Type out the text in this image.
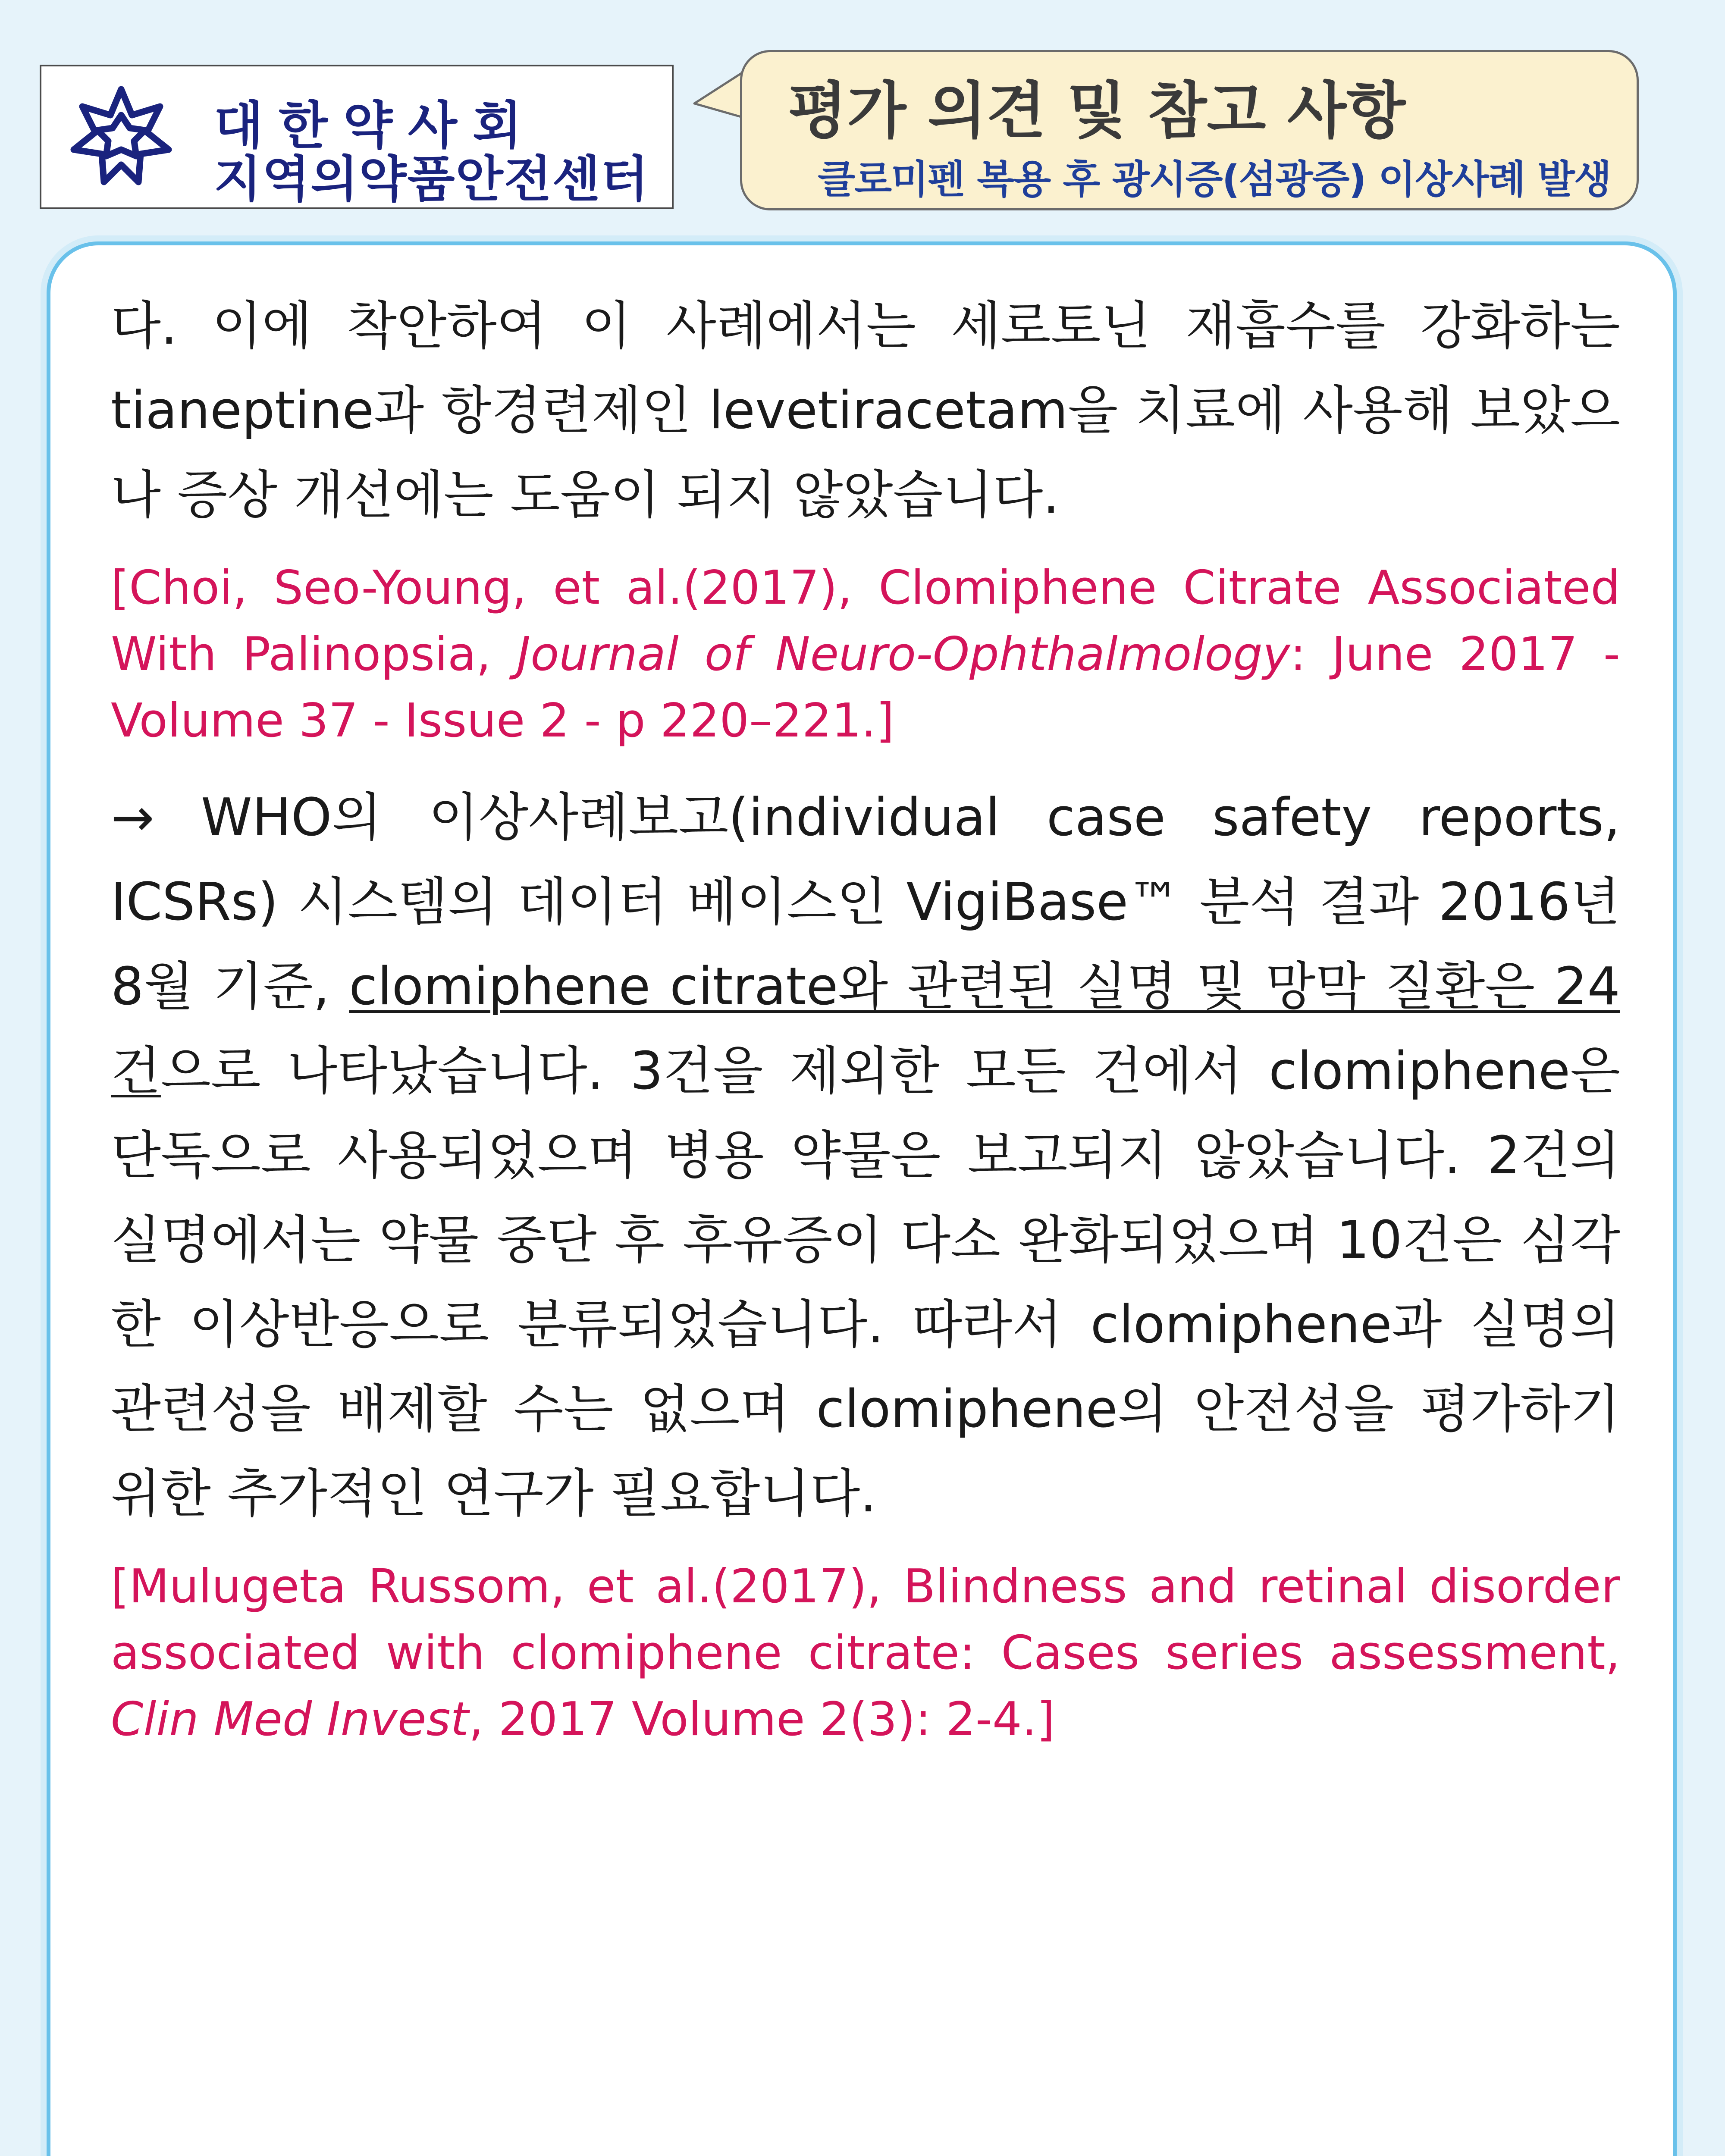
대한약사회
지역의약품안전센터
평가 의견 및 참고 사항
클로미펜 복용 후 광시증(섬광증) 이상사례 발생

다. 이에 착안하여 이 사례에서는 세로토닌 재흡수를 강화하는 tianeptine과 항경련제인 levetiracetam을 치료에 사용해 보았으나 증상 개선에는 도움이 되지 않았습니다.

[Choi, Seo-Young, et al.(2017), Clomiphene Citrate Associated With Palinopsia, Journal of Neuro-Ophthalmology: June 2017 - Volume 37 - Issue 2 - p 220–221.]

→ WHO의 이상사례보고(individual case safety reports, ICSRs) 시스템의 데이터 베이스인 VigiBase™ 분석 결과 2016년 8월 기준, clomiphene citrate와 관련된 실명 및 망막 질환은 24건으로 나타났습니다. 3건을 제외한 모든 건에서 clomiphene은 단독으로 사용되었으며 병용 약물은 보고되지 않았습니다. 2건의 실명에서는 약물 중단 후 후유증이 다소 완화되었으며 10건은 심각한 이상반응으로 분류되었습니다. 따라서 clomiphene과 실명의 관련성을 배제할 수는 없으며 clomiphene의 안전성을 평가하기 위한 추가적인 연구가 필요합니다.

[Mulugeta Russom, et al.(2017), Blindness and retinal disorder associated with clomiphene citrate: Cases series assessment, Clin Med Invest, 2017 Volume 2(3): 2-4.]
